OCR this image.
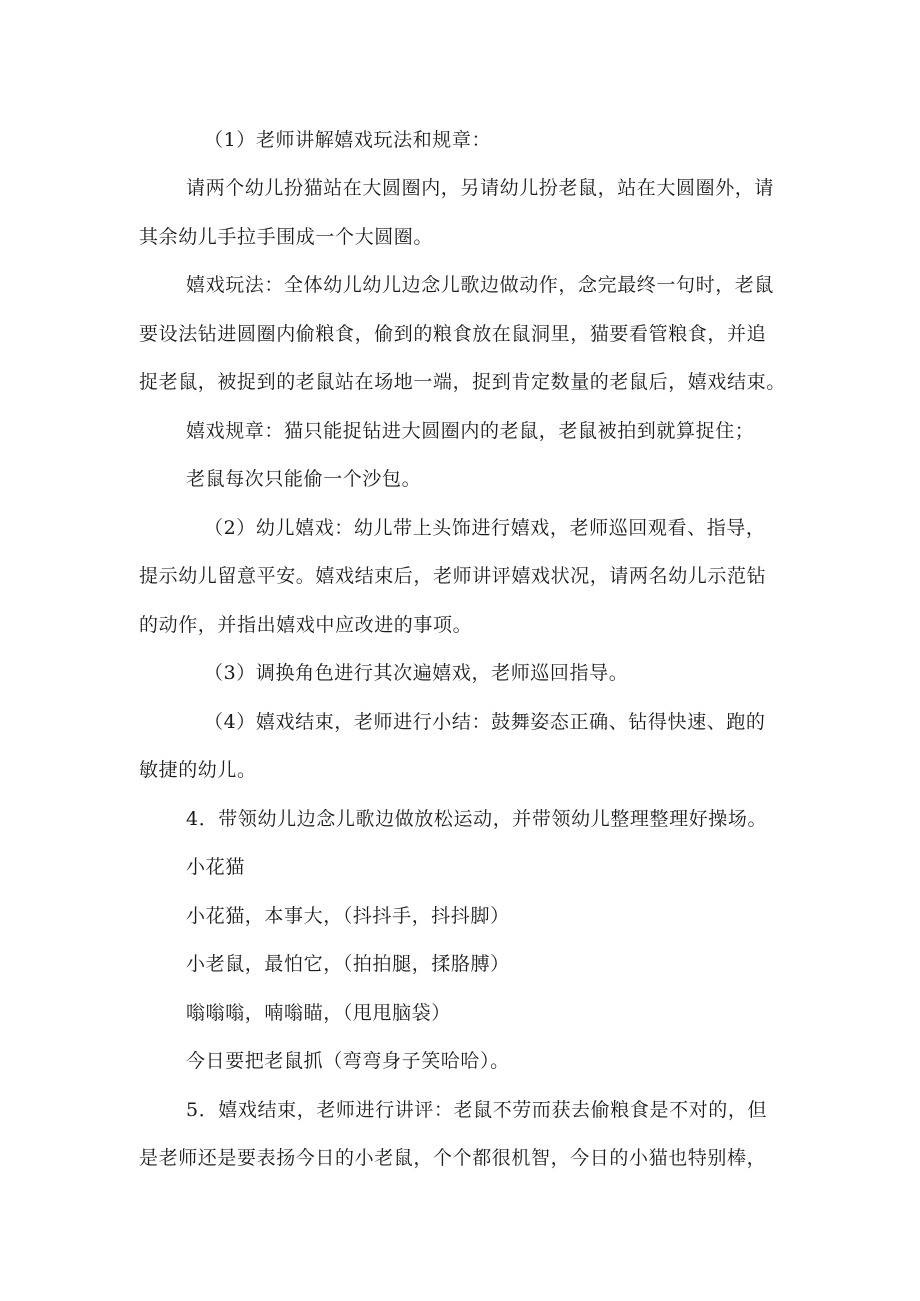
（1）老师讲解嬉戏玩法和规章：
请两个幼儿扮猫站在大圆圈内，另请幼儿扮老鼠，站在大圆圈外，请
其余幼儿手拉手围成一个大圆圈。
嬉戏玩法：全体幼儿幼儿边念儿歌边做动作，念完最终一句时，老鼠
要设法钻进圆圈内偷粮食，偷到的粮食放在鼠洞里，猫要看管粮食，并追
捉老鼠，被捉到的老鼠站在场地一端，捉到肯定数量的老鼠后，嬉戏结束。
嬉戏规章：猫只能捉钻进大圆圈内的老鼠，老鼠被拍到就算捉住；
老鼠每次只能偷一个沙包。
（2）幼儿嬉戏：幼儿带上头饰进行嬉戏，老师巡回观看、指导，
提示幼儿留意平安。嬉戏结束后，老师讲评嬉戏状况，请两名幼儿示范钻
的动作，并指出嬉戏中应改进的事项。
（3）调换角色进行其次遍嬉戏，老师巡回指导。
（4）嬉戏结束，老师进行小结：鼓舞姿态正确、钻得快速、跑的
敏捷的幼儿。
4．带领幼儿边念儿歌边做放松运动，并带领幼儿整理整理好操场。
小花猫
小花猫，本事大，（抖抖手，抖抖脚）
小老鼠，最怕它，（拍拍腿，揉胳膊）
嗡嗡嗡，喃嗡瞄，（甩甩脑袋）
今日要把老鼠抓（弯弯身子笑哈哈）。
5．嬉戏结束，老师进行讲评：老鼠不劳而获去偷粮食是不对的，但
是老师还是要表扬今日的小老鼠，个个都很机智，今日的小猫也特别棒，
